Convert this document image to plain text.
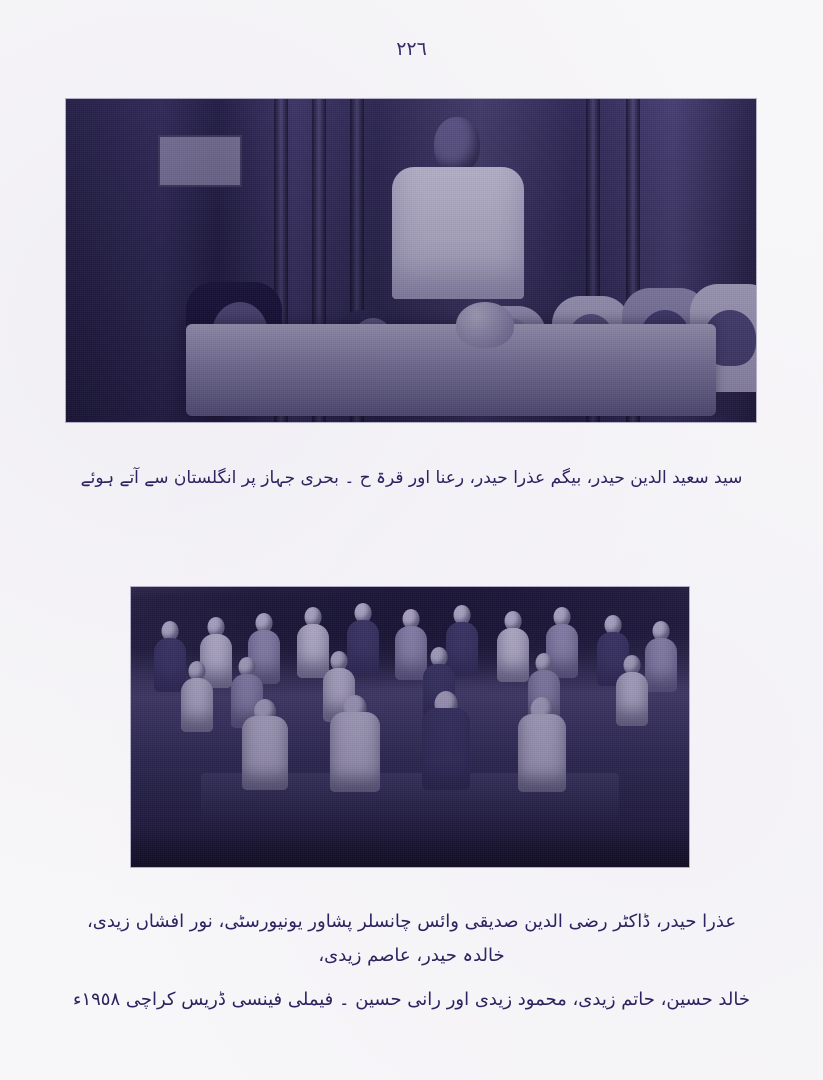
٢٢٦
سید سعید الدین حیدر، بیگم عذرا حیدر، رعنا اور قرۃ ح ۔ بحری جہاز پر انگلستان سے آتے ہوئے
عذرا حیدر، ڈاکٹر رضی الدین صدیقی وائس چانسلر پشاور یونیورسٹی، نور افشاں زیدی، خالدہ حیدر، عاصم زیدی،
خالد حسین، حاتم زیدی، محمود زیدی اور رانی حسین ۔ فیملی فینسی ڈریس کراچی ١٩٥٨ء
